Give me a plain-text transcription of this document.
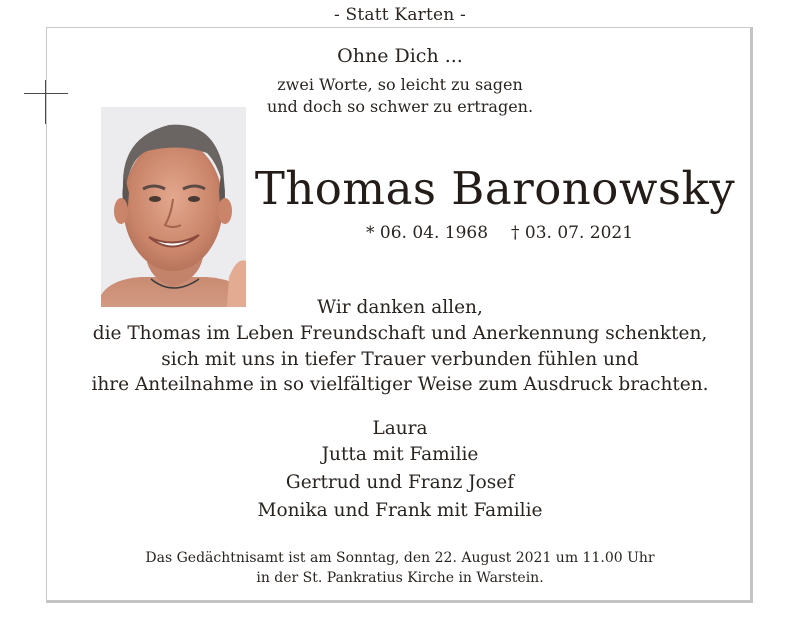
- Statt Karten -
Ohne Dich ...
zwei Worte, so leicht zu sagen
und doch so schwer zu ertragen.
Thomas Baronowsky
* 06. 04. 1968 † 03. 07. 2021
Wir danken allen,
die Thomas im Leben Freundschaft und Anerkennung schenkten,
sich mit uns in tiefer Trauer verbunden fühlen und
ihre Anteilnahme in so vielfältiger Weise zum Ausdruck brachten.
Laura
Jutta mit Familie
Gertrud und Franz Josef
Monika und Frank mit Familie
Das Gedächtnisamt ist am Sonntag, den 22. August 2021 um 11.00 Uhr
in der St. Pankratius Kirche in Warstein.
